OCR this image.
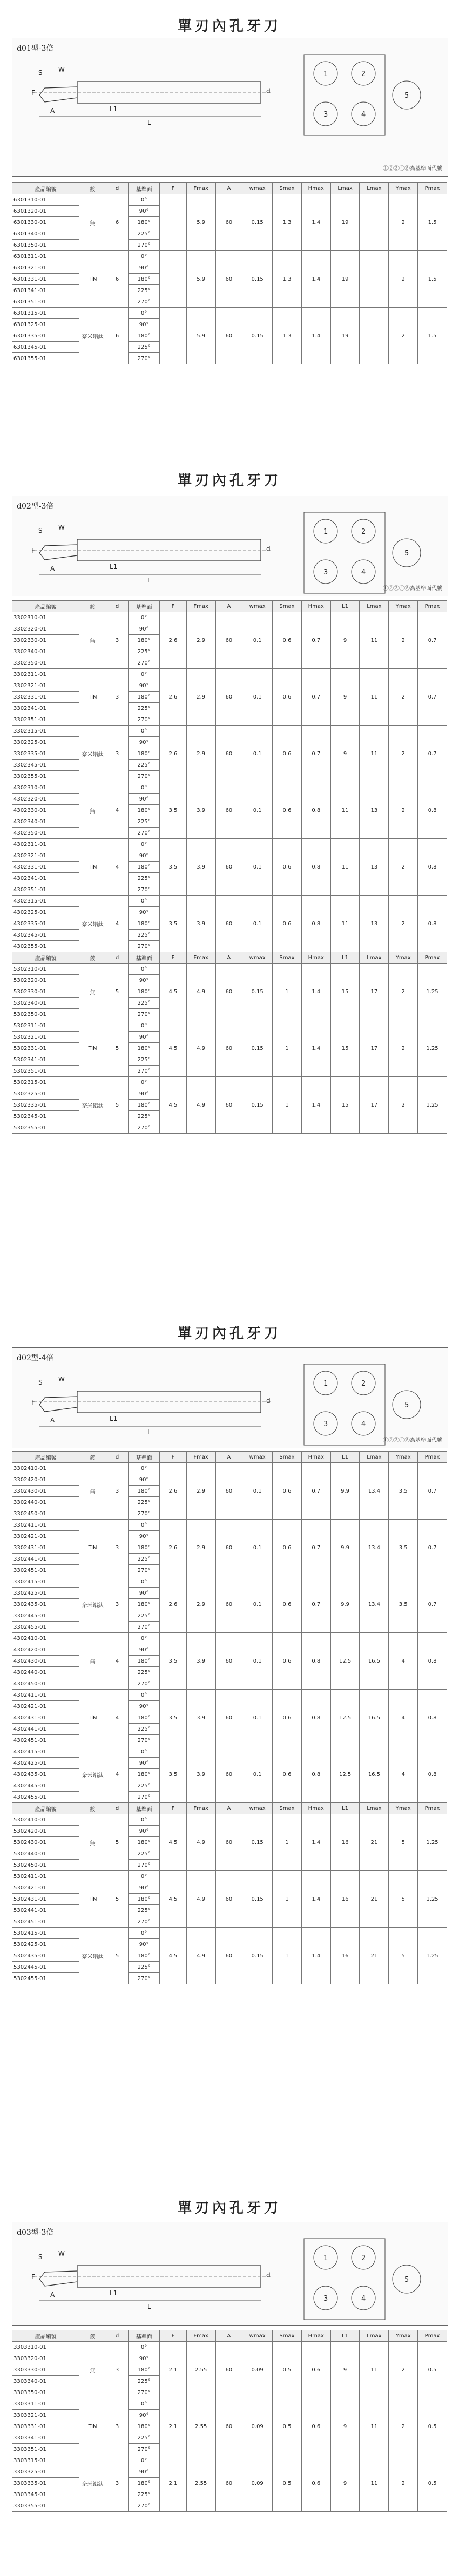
單刃內孔牙刀
d01型-3倍
①②③④⑤為基準面代號
L
L1
d
F
A
S W
1	2
3	4
5
產品編號	鍍	d	基準面	F	Fmax	A	wmax	Smax	Hmax	Lmax	Lmax	Ymax	Pmax
6301310-01	無	6	0°		5.9	60	0.15	1.3	1.4	19		2	1.5
6301320-01			90°										
6301330-01			180°										
6301340-01			225°										
6301350-01			270°										
6301311-01	TiN	6	0°		5.9	60	0.15	1.3	1.4	19		2	1.5
6301321-01			90°										
6301331-01			180°										
6301341-01			225°										
6301351-01			270°										
6301315-01	奈米鋁鈦	6	0°		5.9	60	0.15	1.3	1.4	19		2	1.5
6301325-01			90°										
6301335-01			180°										
6301345-01			225°										
6301355-01			270°										
單刃內孔牙刀
d02型-3倍
①②③④⑤為基準面代號
L
L1
d
F
A
S W
1	2
3	4
5
產品編號	鍍	d	基準面	F	Fmax	A	wmax	Smax	Hmax	L1	Lmax	Ymax	Pmax
3302310-01	無	3	0°	2.6	2.9	60	0.1	0.6	0.7	9	11	2	0.7
3302320-01			90°										
3302330-01			180°										
3302340-01			225°										
3302350-01			270°										
3302311-01	TiN	3	0°	2.6	2.9	60	0.1	0.6	0.7	9	11	2	0.7
3302321-01			90°										
3302331-01			180°										
3302341-01			225°										
3302351-01			270°										
3302315-01	奈米鋁鈦	3	0°	2.6	2.9	60	0.1	0.6	0.7	9	11	2	0.7
3302325-01			90°										
3302335-01			180°										
3302345-01			225°										
3302355-01			270°										
4302310-01	無	4	0°	3.5	3.9	60	0.1	0.6	0.8	11	13	2	0.8
4302320-01			90°										
4302330-01			180°										
4302340-01			225°										
4302350-01			270°										
4302311-01	TiN	4	0°	3.5	3.9	60	0.1	0.6	0.8	11	13	2	0.8
4302321-01			90°										
4302331-01			180°										
4302341-01			225°										
4302351-01			270°										
4302315-01	奈米鋁鈦	4	0°	3.5	3.9	60	0.1	0.6	0.8	11	13	2	0.8
4302325-01			90°										
4302335-01			180°										
4302345-01			225°										
4302355-01			270°										
產品編號	鍍	d	基準面	F	Fmax	A	wmax	Smax	Hmax	L1	Lmax	Ymax	Pmax
5302310-01	無	5	0°	4.5	4.9	60	0.15	1	1.4	15	17	2	1.25
5302320-01			90°										
5302330-01			180°										
5302340-01			225°										
5302350-01			270°										
5302311-01	TiN	5	0°	4.5	4.9	60	0.15	1	1.4	15	17	2	1.25
5302321-01			90°										
5302331-01			180°										
5302341-01			225°										
5302351-01			270°										
5302315-01	奈米鋁鈦	5	0°	4.5	4.9	60	0.15	1	1.4	15	17	2	1.25
5302325-01			90°										
5302335-01			180°										
5302345-01			225°										
5302355-01			270°										
單刃內孔牙刀
d02型-4倍
①②③④⑤為基準面代號
L
L1
d
F
A
S W
1	2
3	4
5
產品編號	鍍	d	基準面	F	Fmax	A	wmax	Smax	Hmax	L1	Lmax	Ymax	Pmax
3302410-01	無	3	0°	2.6	2.9	60	0.1	0.6	0.7	9.9	13.4	3.5	0.7
3302420-01			90°										
3302430-01			180°										
3302440-01			225°										
3302450-01			270°										
3302411-01	TiN	3	0°	2.6	2.9	60	0.1	0.6	0.7	9.9	13.4	3.5	0.7
3302421-01			90°										
3302431-01			180°										
3302441-01			225°										
3302451-01			270°										
3302415-01	奈米鋁鈦	3	0°	2.6	2.9	60	0.1	0.6	0.7	9.9	13.4	3.5	0.7
3302425-01			90°										
3302435-01			180°										
3302445-01			225°										
3302455-01			270°										
4302410-01	無	4	0°	3.5	3.9	60	0.1	0.6	0.8	12.5	16.5	4	0.8
4302420-01			90°										
4302430-01			180°										
4302440-01			225°										
4302450-01			270°										
4302411-01	TiN	4	0°	3.5	3.9	60	0.1	0.6	0.8	12.5	16.5	4	0.8
4302421-01			90°										
4302431-01			180°										
4302441-01			225°										
4302451-01			270°										
4302415-01	奈米鋁鈦	4	0°	3.5	3.9	60	0.1	0.6	0.8	12.5	16.5	4	0.8
4302425-01			90°										
4302435-01			180°										
4302445-01			225°										
4302455-01			270°										
產品編號	鍍	d	基準面	F	Fmax	A	wmax	Smax	Hmax	L1	Lmax	Ymax	Pmax
5302410-01	無	5	0°	4.5	4.9	60	0.15	1	1.4	16	21	5	1.25
5302420-01			90°										
5302430-01			180°										
5302440-01			225°										
5302450-01			270°										
5302411-01	TiN	5	0°	4.5	4.9	60	0.15	1	1.4	16	21	5	1.25
5302421-01			90°										
5302431-01			180°										
5302441-01			225°										
5302451-01			270°										
5302415-01	奈米鋁鈦	5	0°	4.5	4.9	60	0.15	1	1.4	16	21	5	1.25
5302425-01			90°										
5302435-01			180°										
5302445-01			225°										
5302455-01			270°										
單刃內孔牙刀
d03型-3倍
L
L1
d
F
A
S W
1	2
3	4
5
產品編號	鍍	d	基準面	F	Fmax	A	wmax	Smax	Hmax	L1	Lmax	Ymax	Pmax
3303310-01	無	3	0°	2.1	2.55	60	0.09	0.5	0.6	9	11	2	0.5
3303320-01			90°										
3303330-01			180°										
3303340-01			225°										
3303350-01			270°										
3303311-01	TiN	3	0°	2.1	2.55	60	0.09	0.5	0.6	9	11	2	0.5
3303321-01			90°										
3303331-01			180°										
3303341-01			225°										
3303351-01			270°										
3303315-01	奈米鋁鈦	3	0°	2.1	2.55	60	0.09	0.5	0.6	9	11	2	0.5
3303325-01			90°										
3303335-01			180°										
3303345-01			225°										
3303355-01			270°										
